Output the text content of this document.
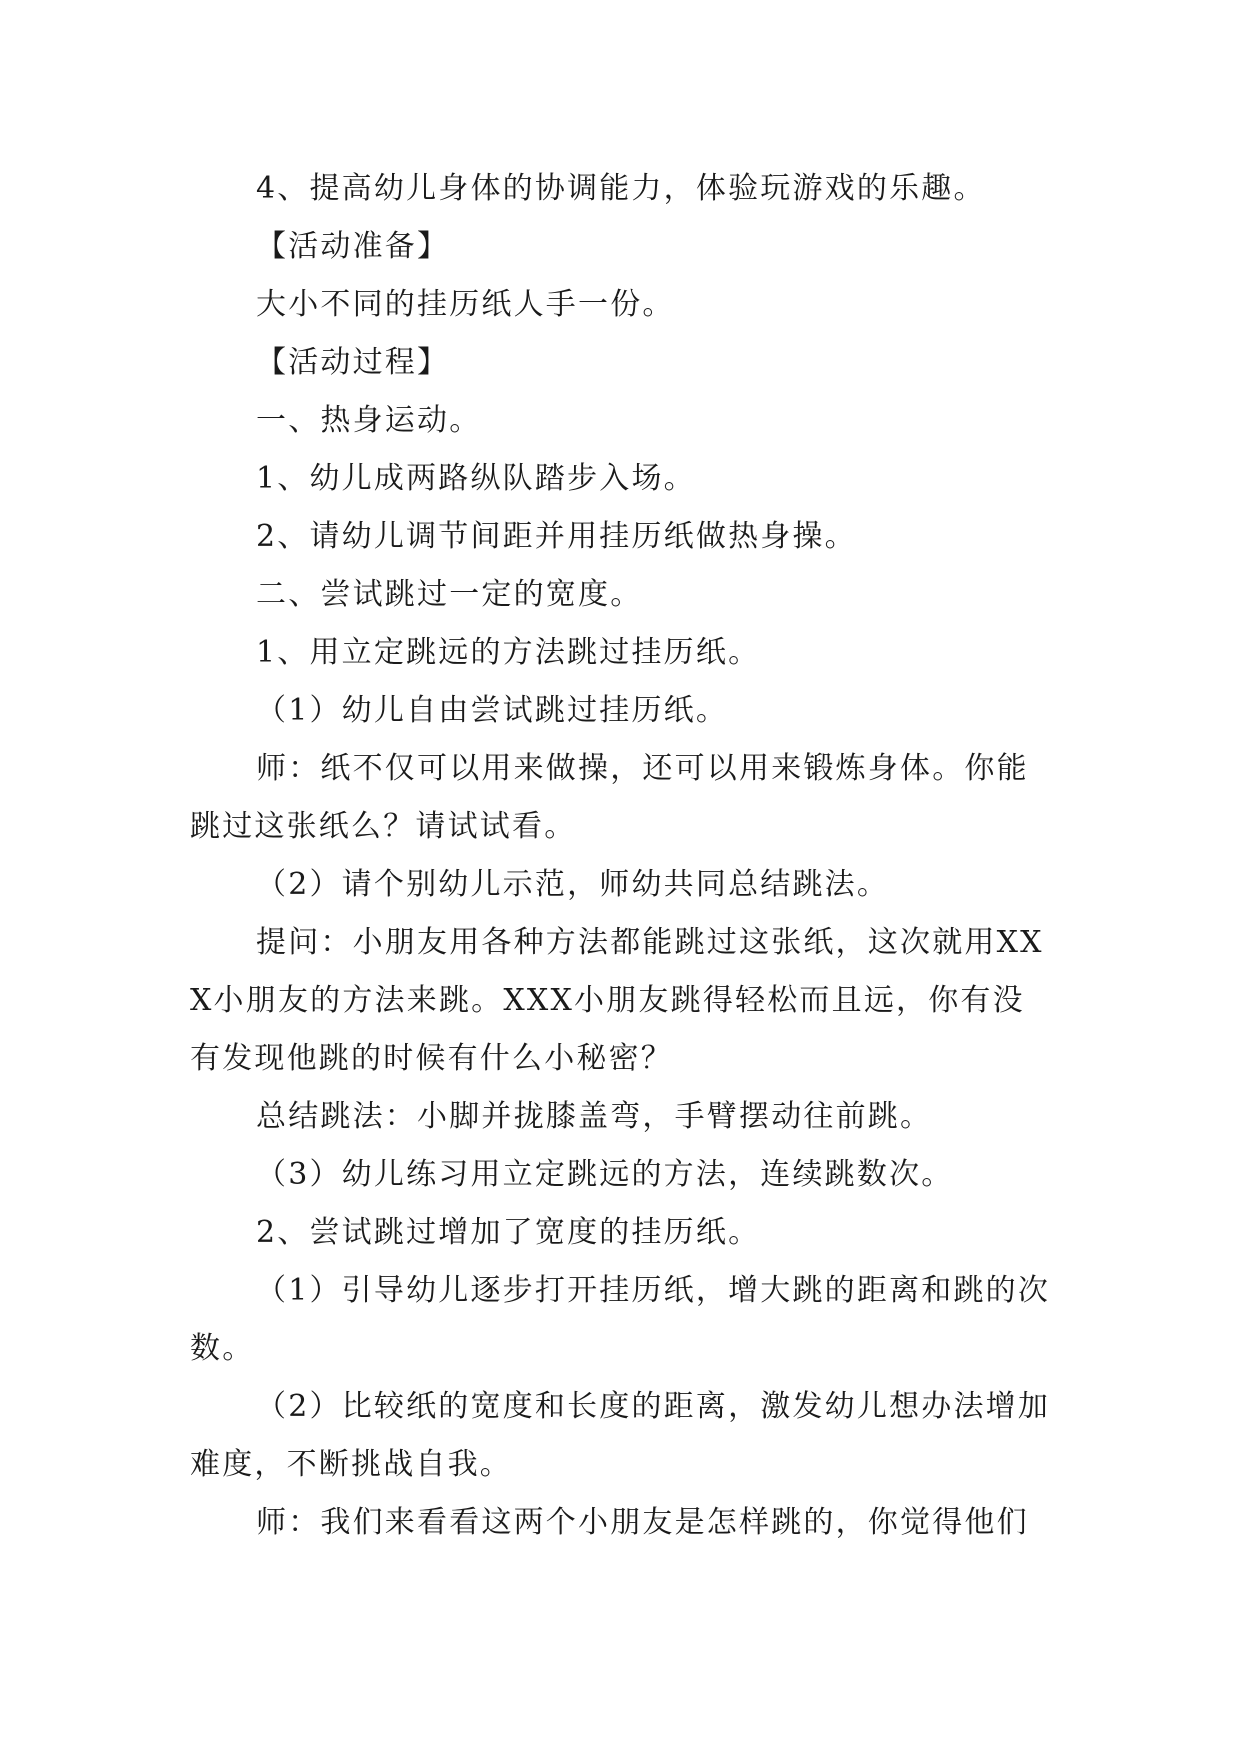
4、提高幼儿身体的协调能力，体验玩游戏的乐趣。

【活动准备】

大小不同的挂历纸人手一份。

【活动过程】

一、热身运动。

1、幼儿成两路纵队踏步入场。

2、请幼儿调节间距并用挂历纸做热身操。

二、尝试跳过一定的宽度。

1、用立定跳远的方法跳过挂历纸。

（1）幼儿自由尝试跳过挂历纸。

师：纸不仅可以用来做操，还可以用来锻炼身体。你能跳过这张纸么？请试试看。

（2）请个别幼儿示范，师幼共同总结跳法。

提问：小朋友用各种方法都能跳过这张纸，这次就用XXX小朋友的方法来跳。XXX小朋友跳得轻松而且远，你有没有发现他跳的时候有什么小秘密？

总结跳法：小脚并拢膝盖弯，手臂摆动往前跳。

（3）幼儿练习用立定跳远的方法，连续跳数次。

2、尝试跳过增加了宽度的挂历纸。

（1）引导幼儿逐步打开挂历纸，增大跳的距离和跳的次数。

（2）比较纸的宽度和长度的距离，激发幼儿想办法增加难度，不断挑战自我。

师：我们来看看这两个小朋友是怎样跳的，你觉得他们
